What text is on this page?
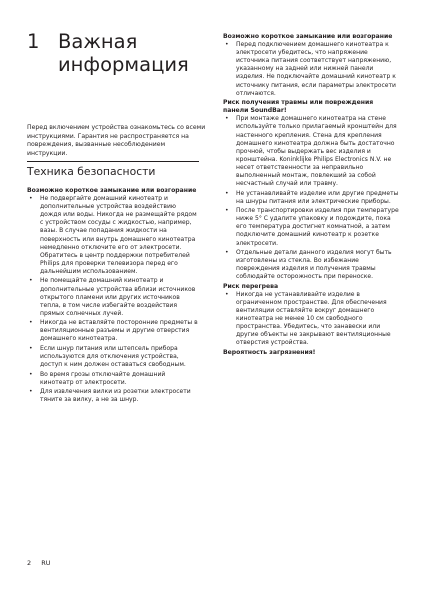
1 Важная информация
Перед включением устройства ознакомьтесь со всеми инструкциями. Гарантия не распространяется на повреждения, вызванные несоблюдением инструкции.
Техника безопасности

Возможно короткое замыкание или возгорание

• Не подвергайте домашний кинотеатр и дополнительные устройства воздействию дождя или воды. Никогда не размещайте рядом с устройством сосуды с жидкостью, например, вазы. В случае попадания жидкости на поверхность или внутрь домашнего кинотеатра немедленно отключите его от электросети. Обратитесь в центр поддержки потребителей Philips для проверки телевизора перед его дальнейшим использованием.
• Не помещайте домашний кинотеатр и дополнительные устройства вблизи источников открытого пламени или других источников тепла, в том числе избегайте воздействия прямых солнечных лучей.
• Никогда не вставляйте посторонние предметы в вентиляционные разъемы и другие отверстия домашнего кинотеатра.
• Если шнур питания или штепсель прибора используются для отключения устройства, доступ к ним должен оставаться свободным.
• Во время грозы отключайте домашний кинотеатр от электросети.
• Для извлечения вилки из розетки электросети тяните за вилку, а не за шнур.

Возможно короткое замыкание или возгорание

• Перед подключением домашнего кинотеатра к электросети убедитесь, что напряжение источника питания соответствует напряжению, указанному на задней или нижней панели изделия. Не подключайте домашний кинотеатр к источнику питания, если параметры электросети отличаются.

Риск получения травмы или повреждения панели SoundBar!

• При монтаже домашнего кинотеатра на стене используйте только прилагаемый кронштейн для настенного крепления. Стена для крепления домашнего кинотеатра должна быть достаточно прочной, чтобы выдержать вес изделия и кронштейна. Koninklijke Philips Electronics N.V. не несет ответственности за неправильно выполненный монтаж, повлекший за собой несчастный случай или травму.
• Не устанавливайте изделие или другие предметы на шнуры питания или электрические приборы.
• После транспортировки изделия при температуре ниже 5° C удалите упаковку и подождите, пока его температура достигнет комнатной, а затем подключите домашний кинотеатр к розетке электросети.
• Отдельные детали данного изделия могут быть изготовлены из стекла. Во избежание повреждения изделия и получения травмы соблюдайте осторожность при переноске.

Риск перегрева

• Никогда не устанавливайте изделие в ограниченном пространстве. Для обеспечения вентиляции оставляйте вокруг домашнего кинотеатра не менее 10 см свободного пространства. Убедитесь, что занавески или другие объекты не закрывают вентиляционные отверстия устройства.

Вероятность загрязнения!

2 RU
